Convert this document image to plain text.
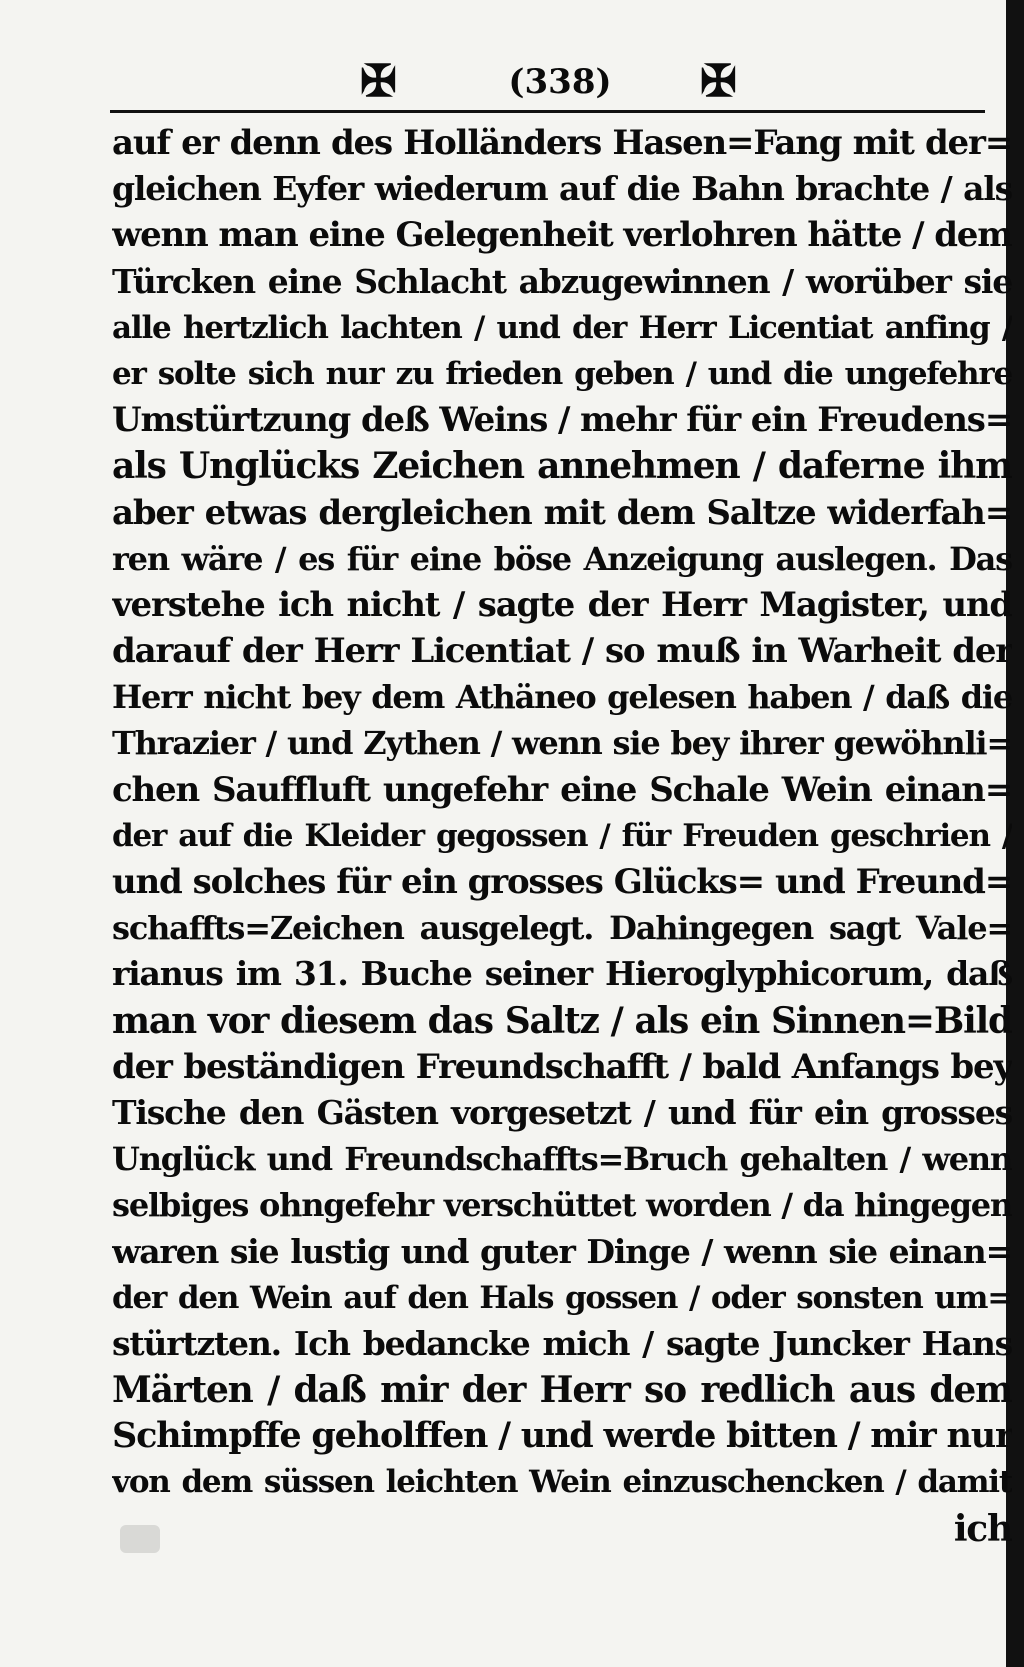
✠	(338) ✠
auf er denn des Holländers Hasen=Fang mit der=
gleichen Eyfer wiederum auf die Bahn brachte / als
wenn man eine Gelegenheit verlohren hätte / dem
Türcken eine Schlacht abzugewinnen / worüber sie
alle hertzlich lachten / und der Herr Licentiat anfing /
er solte sich nur zu frieden geben / und die ungefehre
Umstürtzung deß Weins / mehr für ein Freudens=
als Unglücks Zeichen annehmen / daferne ihm
aber etwas dergleichen mit dem Saltze widerfah=
ren wäre / es für eine böse Anzeigung auslegen. Das
verstehe ich nicht / sagte der Herr Magister, und
darauf der Herr Licentiat / so muß in Warheit der
Herr nicht bey dem Athäneo gelesen haben / daß die
Thrazier / und Zythen / wenn sie bey ihrer gewöhnli=
chen Sauffluft ungefehr eine Schale Wein einan=
der auf die Kleider gegossen / für Freuden geschrien /
und solches für ein grosses Glücks= und Freund=
schaffts=Zeichen ausgelegt. Dahingegen sagt Vale=
rianus im 31. Buche seiner Hieroglyphicorum, daß
man vor diesem das Saltz / als ein Sinnen=Bild
der beständigen Freundschafft / bald Anfangs bey
Tische den Gästen vorgesetzt / und für ein grosses
Unglück und Freundschaffts=Bruch gehalten / wenn
selbiges ohngefehr verschüttet worden / da hingegen
waren sie lustig und guter Dinge / wenn sie einan=
der den Wein auf den Hals gossen / oder sonsten um=
stürtzten. Ich bedancke mich / sagte Juncker Hans
Märten / daß mir der Herr so redlich aus dem
Schimpffe geholffen / und werde bitten / mir nur
von dem süssen leichten Wein einzuschencken / damit
ich
